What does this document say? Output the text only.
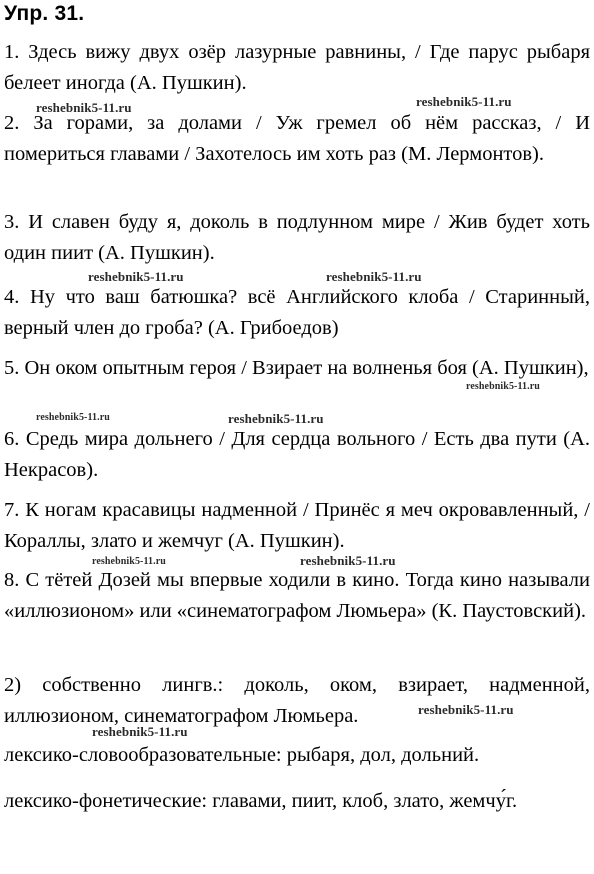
Упр. 31.
1. Здесь вижу двух озёр лазурные равнины, / Где парус рыбаря белеет иногда (А. Пушкин).
2. За горами, за долами / Уж гремел об нём рассказ, / И помериться главами / Захотелось им хоть раз (М. Лермонтов).
3. И славен буду я, доколь в подлунном мире / Жив будет хоть один пиит (А. Пушкин).
4. Ну что ваш батюшка? всё Английского клоба / Старинный, верный член до гроба? (А. Грибоедов)
5. Он оком опытным героя / Взирает на волненья боя (А. Пушкин),
6. Средь мира дольнего / Для сердца вольного / Есть два пути (А. Некрасов).
7. К ногам красавицы надменной / Принёс я меч окровавленный, / Кораллы, злато и жемчуг (А. Пушкин).
8. С тётей Дозей мы впервые ходили в кино. Тогда кино называли «иллюзионом» или «синематографом Люмьера» (К. Паустовский).
2) собственно лингв.: доколь, оком, взирает, надменной, иллюзионом, синематографом Люмьера.
лексико-словообразовательные: рыбаря, дол, дольний.
лексико-фонетические: главами, пиит, клоб, злато, жемчу́г.
reshebnik5-11.ru	reshebnik5-11.ru
reshebnik5-11.ru	reshebnik5-11.ru
reshebnik5-11.ru
reshebnik5-11.ru	reshebnik5-11.ru
reshebnik5-11.ru	reshebnik5-11.ru
reshebnik5-11.ru
reshebnik5-11.ru
